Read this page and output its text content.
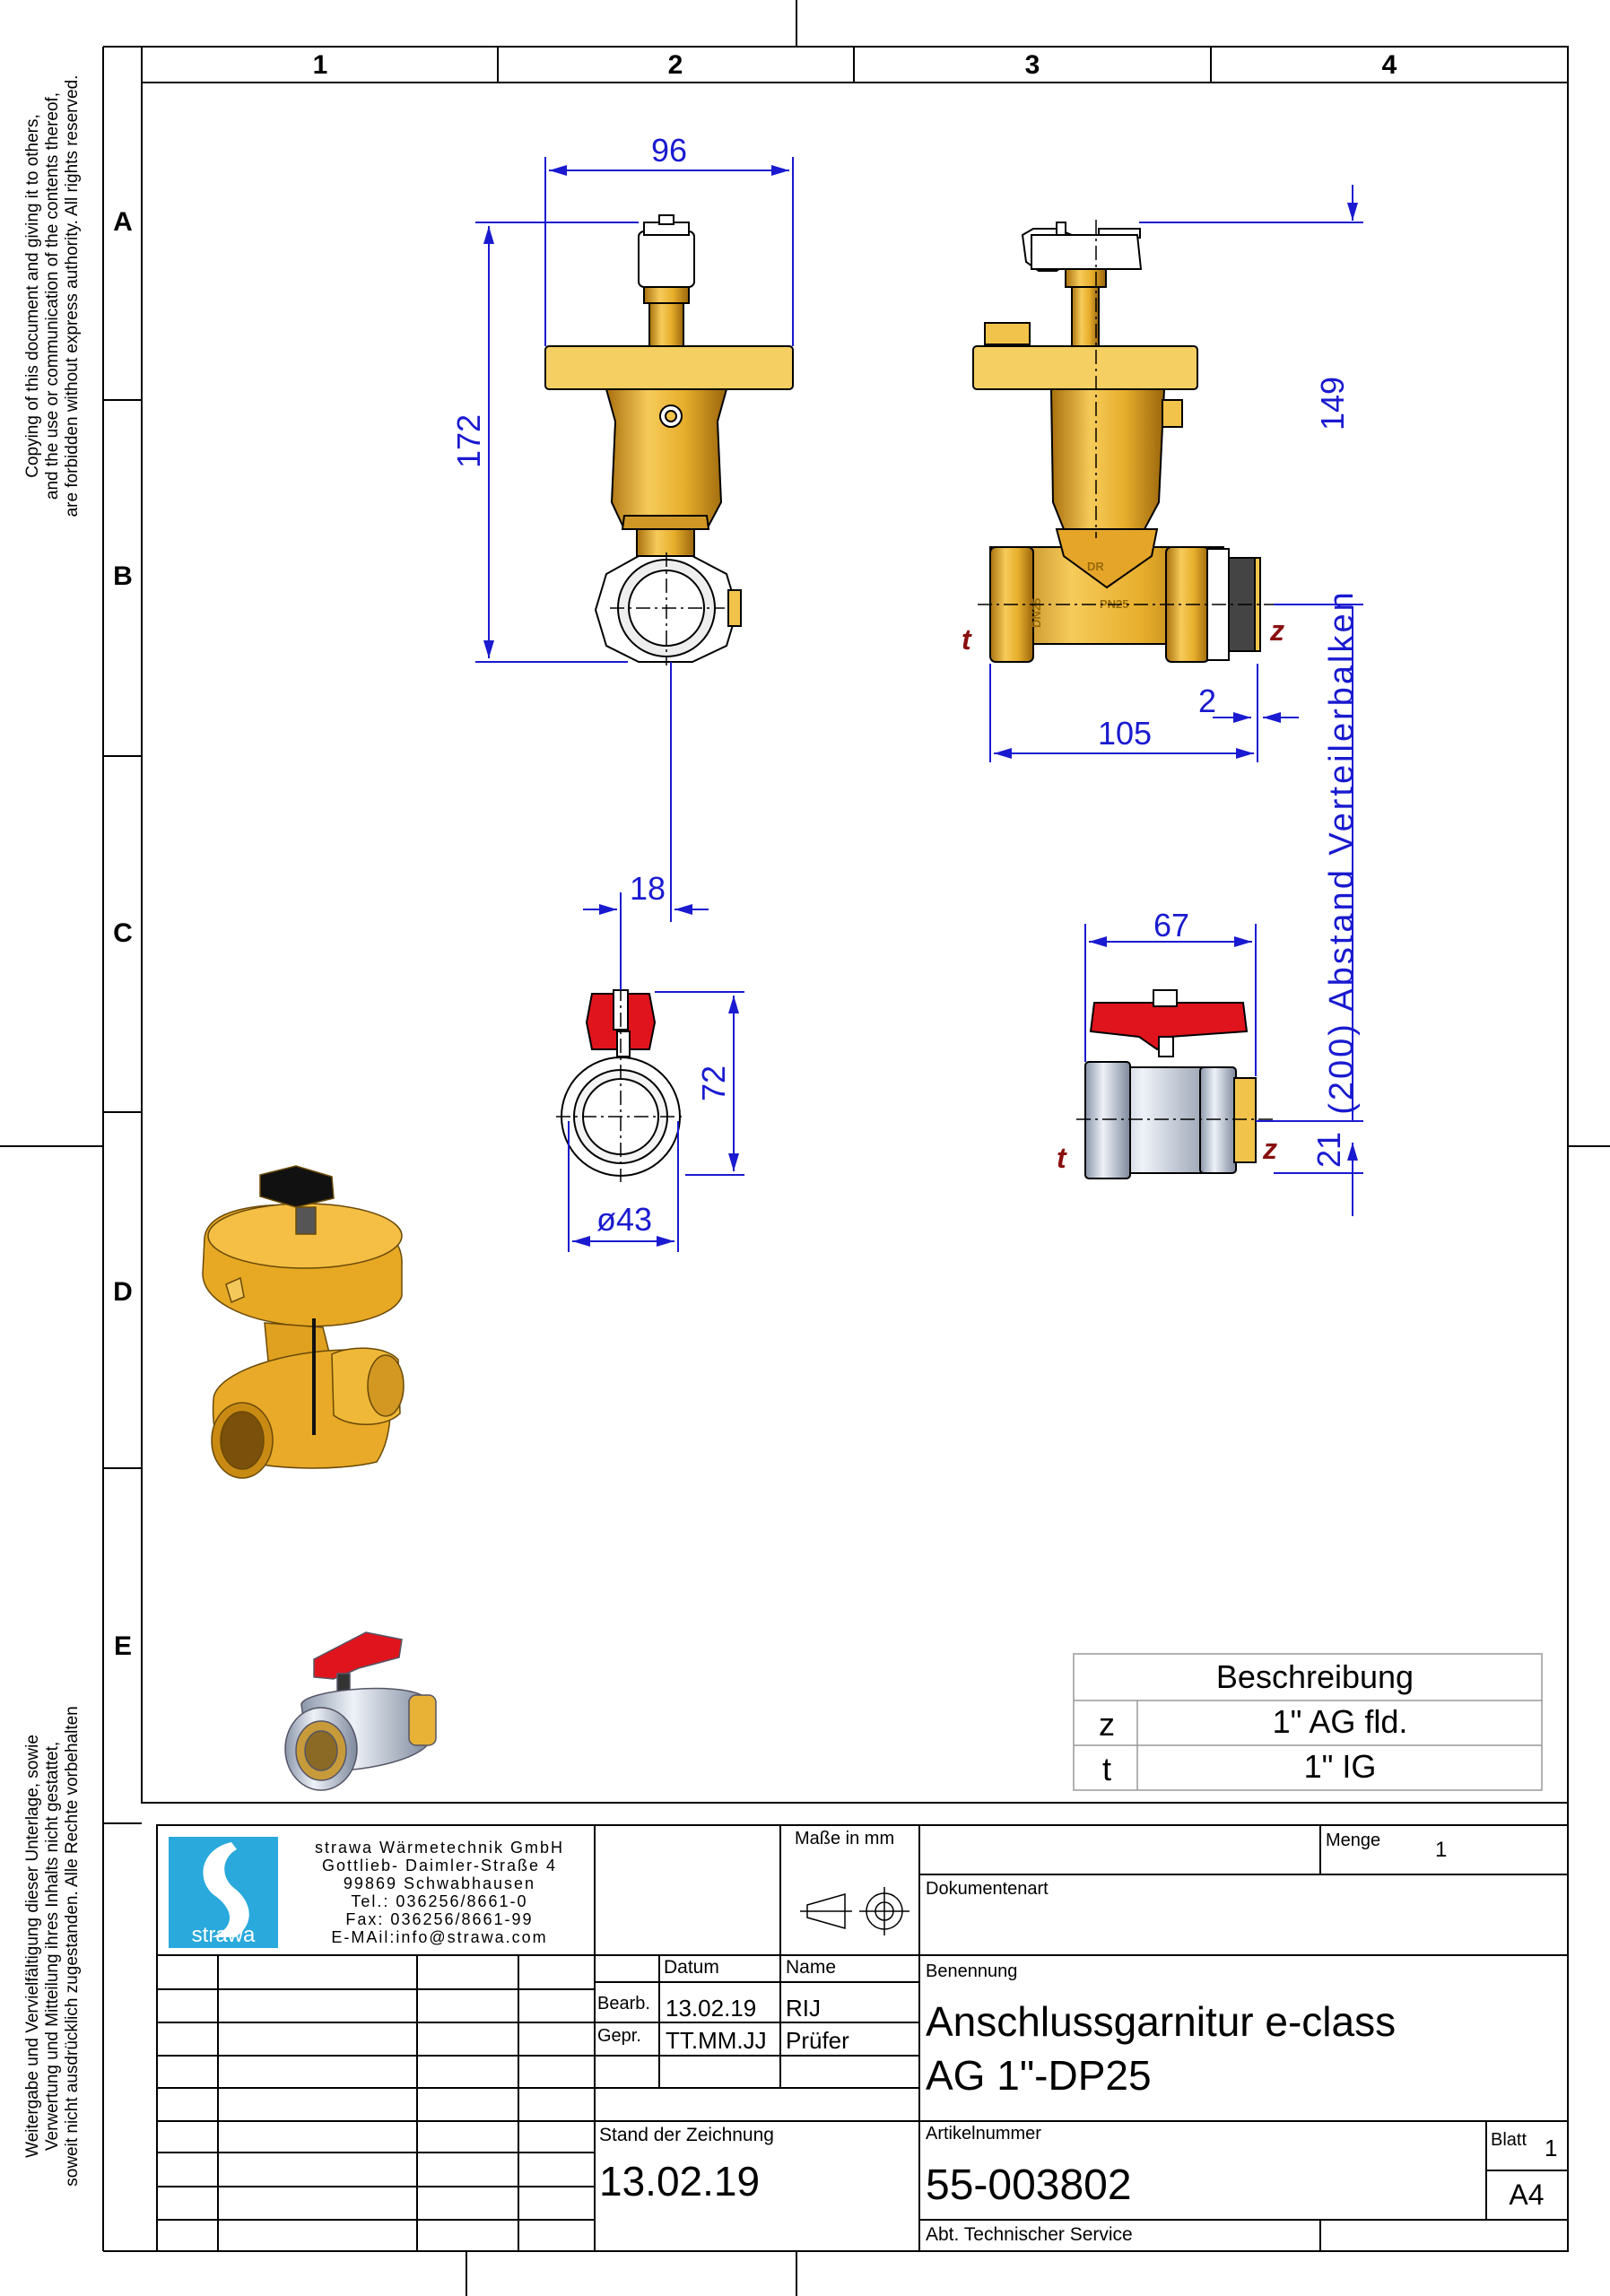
1	2	3	4
A
B
C
D
E
Copying of this document and giving it to others, and the use or communication of the contents thereof, are forbidden without express authority. All rights reserved.
Weitergabe und Vervielfältigung dieser Unterlage, sowie Verwertung und Mitteilung ihres Inhalts nicht gestattet, soweit nicht ausdrücklich zugestanden. Alle Rechte vorbehalten
96
172
DR
PN25
DN25
t	z
149
105
2	(200) Abstand Verteilerbalken
18
72
ø43
t	z
67
21
Beschreibung
z	1" AG fld.
t	1" IG
strawa
strawa Wärmetechnik GmbH
Gottlieb- Daimler-Straße 4
99869 Schwabhausen
Tel.: 036256/8661-0
Fax: 036256/8661-99
E-MAil:info@strawa.com
Maße in mm	Menge	1
Dokumentenart
Benennung
Anschlussgarnitur e-class
AG 1"-DP25
Datum	Name
Bearb. 13.02.19 RIJ
Gepr. TT.MM.JJ Prüfer
Stand der Zeichnung
13.02.19
Artikelnummer
55-003802
Blatt 1
A4
Abt. Technischer Service
